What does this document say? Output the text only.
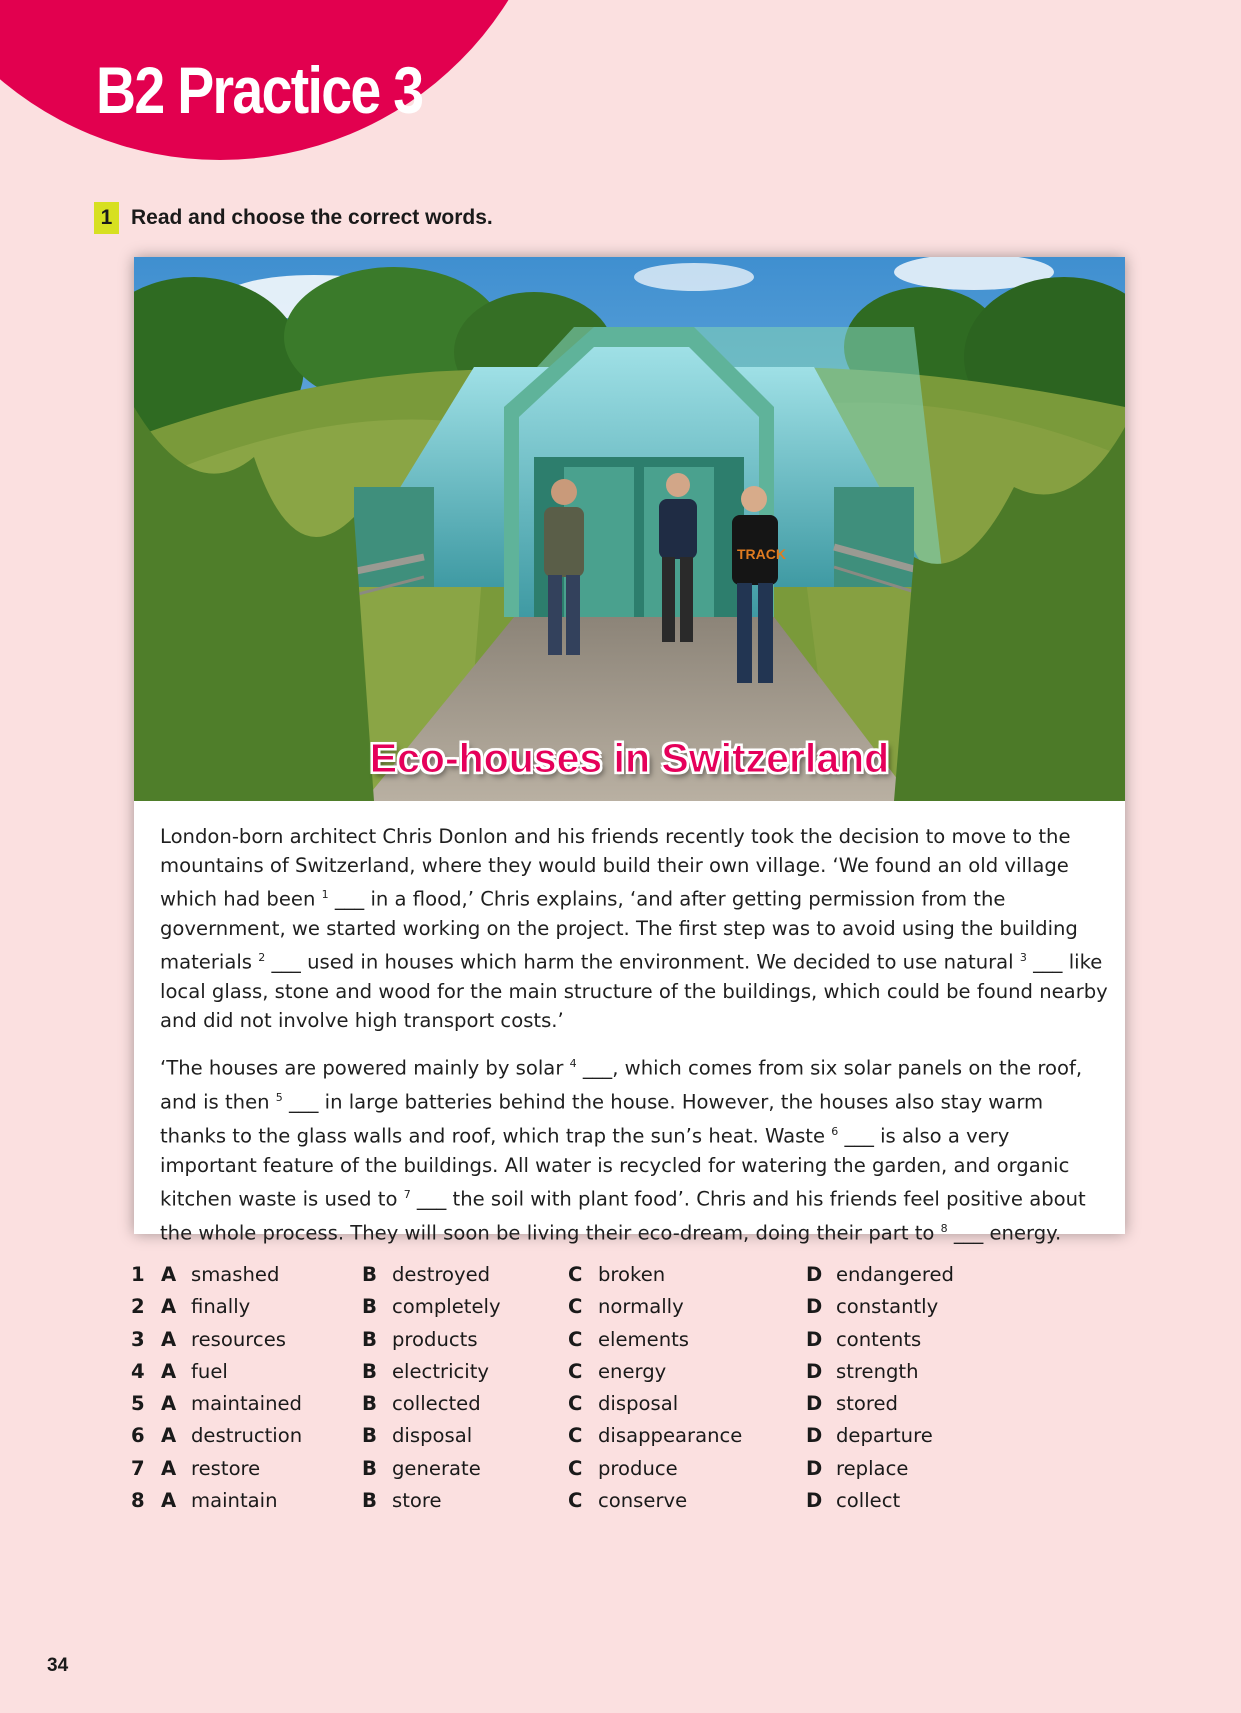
B2 Practice 3
1 Read and choose the correct words.
TRACK
Eco-houses in Switzerland

London-born architect Chris Donlon and his friends recently took the decision to move to the mountains of Switzerland, where they would build their own village. ‘We found an old village which had been $^1$ ___ in a flood,’ Chris explains, ‘and after getting permission from the government, we started working on the project. The first step was to avoid using the building materials $^2$ ___ used in houses which harm the environment. We decided to use natural $^3$ ___ like local glass, stone and wood for the main structure of the buildings, which could be found nearby and did not involve high transport costs.’

‘The houses are powered mainly by solar $^4$ ___, which comes from six solar panels on the roof, and is then $^5$ ___ in large batteries behind the house. However, the houses also stay warm thanks to the glass walls and roof, which trap the sun’s heat. Waste $^6$ ___ is also a very important feature of the buildings. All water is recycled for watering the garden, and organic kitchen waste is used to $^7$ ___ the soil with plant food’. Chris and his friends feel positive about the whole process. They will soon be living their eco-dream, doing their part to $^8$ ___ energy.

1 A smashed	B destroyed	C broken	D endangered
2 A finally	B completely	C normally	D constantly
3 A resources	B products	C elements	D contents
4 A fuel	B electricity	C energy	D strength
5 A maintained	B collected	C disposal	D stored
6 A destruction	B disposal	C disappearance	D departure
7 A restore	B generate	C produce	D replace
8 A maintain	B store	C conserve	D collect
34
